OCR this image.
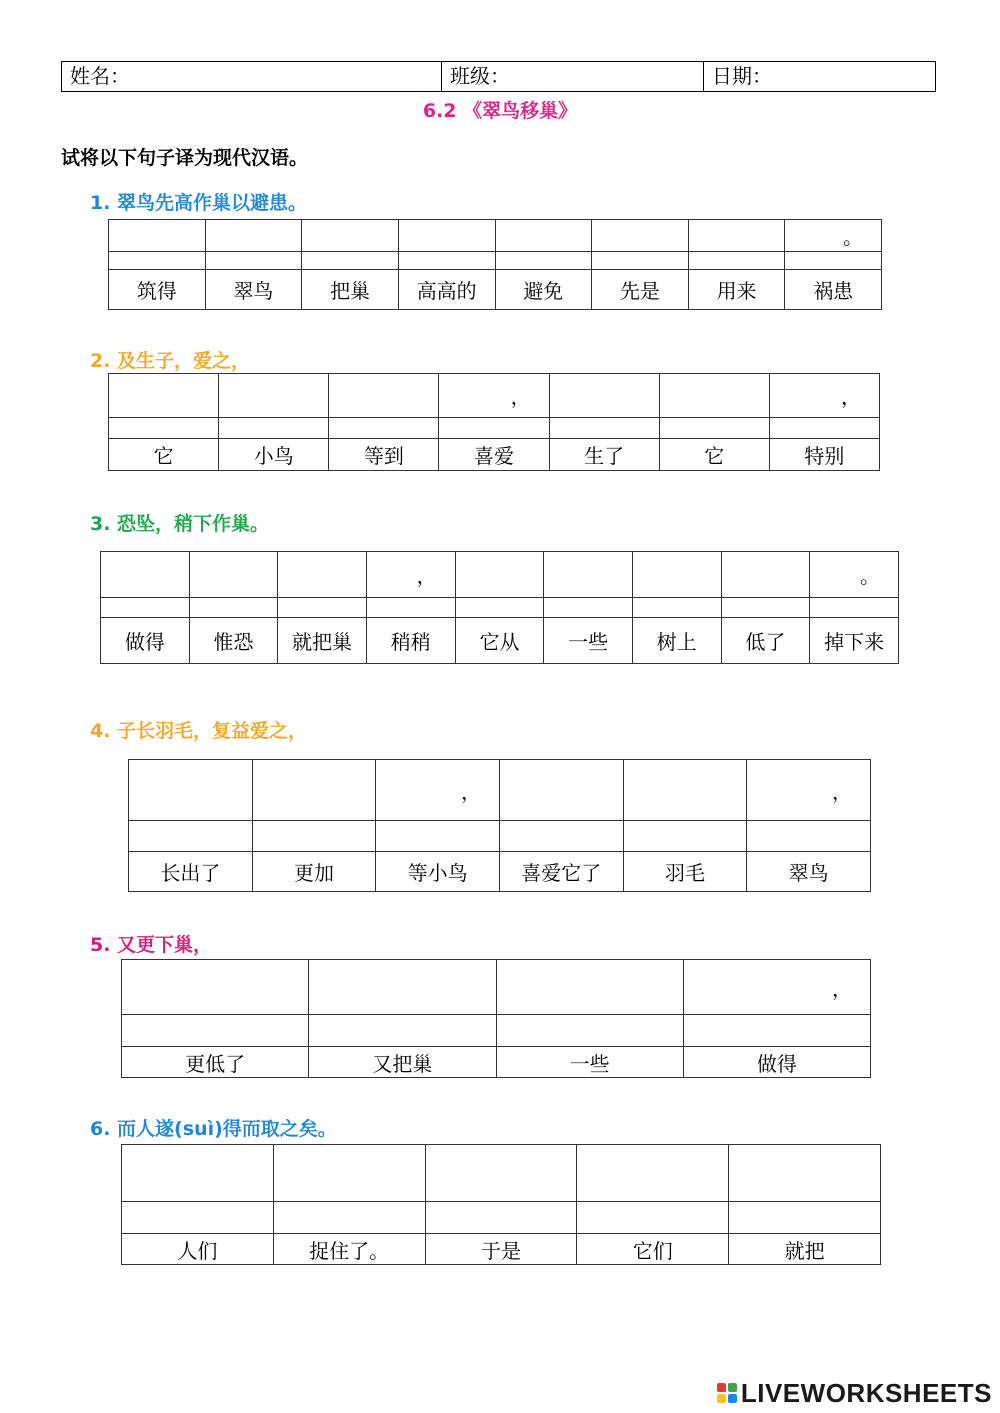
姓名：	班级：	日期：
6.2 《翠鸟移巢》
试将以下句子译为现代汉语。
1. 翠鸟先高作巢以避患。
							。

筑得	翠鸟	把巢	高高的	避免	先是	用来	祸患
2. 及生子，爱之，
			，			，

它	小鸟	等到	喜爱	生了	它	特别
3. 恐坠，稍下作巢。
			，					。

做得	惟恐	就把巢	稍稍	它从	一些	树上	低了	掉下来
4. 子长羽毛，复益爱之，
		，			，

长出了	更加	等小鸟	喜爱它了	羽毛	翠鸟
5. 又更下巢，
			，

更低了	又把巢	一些	做得
6. 而人遂(suì)得而取之矣。

人们	捉住了。	于是	它们	就把
LIVEWORKSHEETS
